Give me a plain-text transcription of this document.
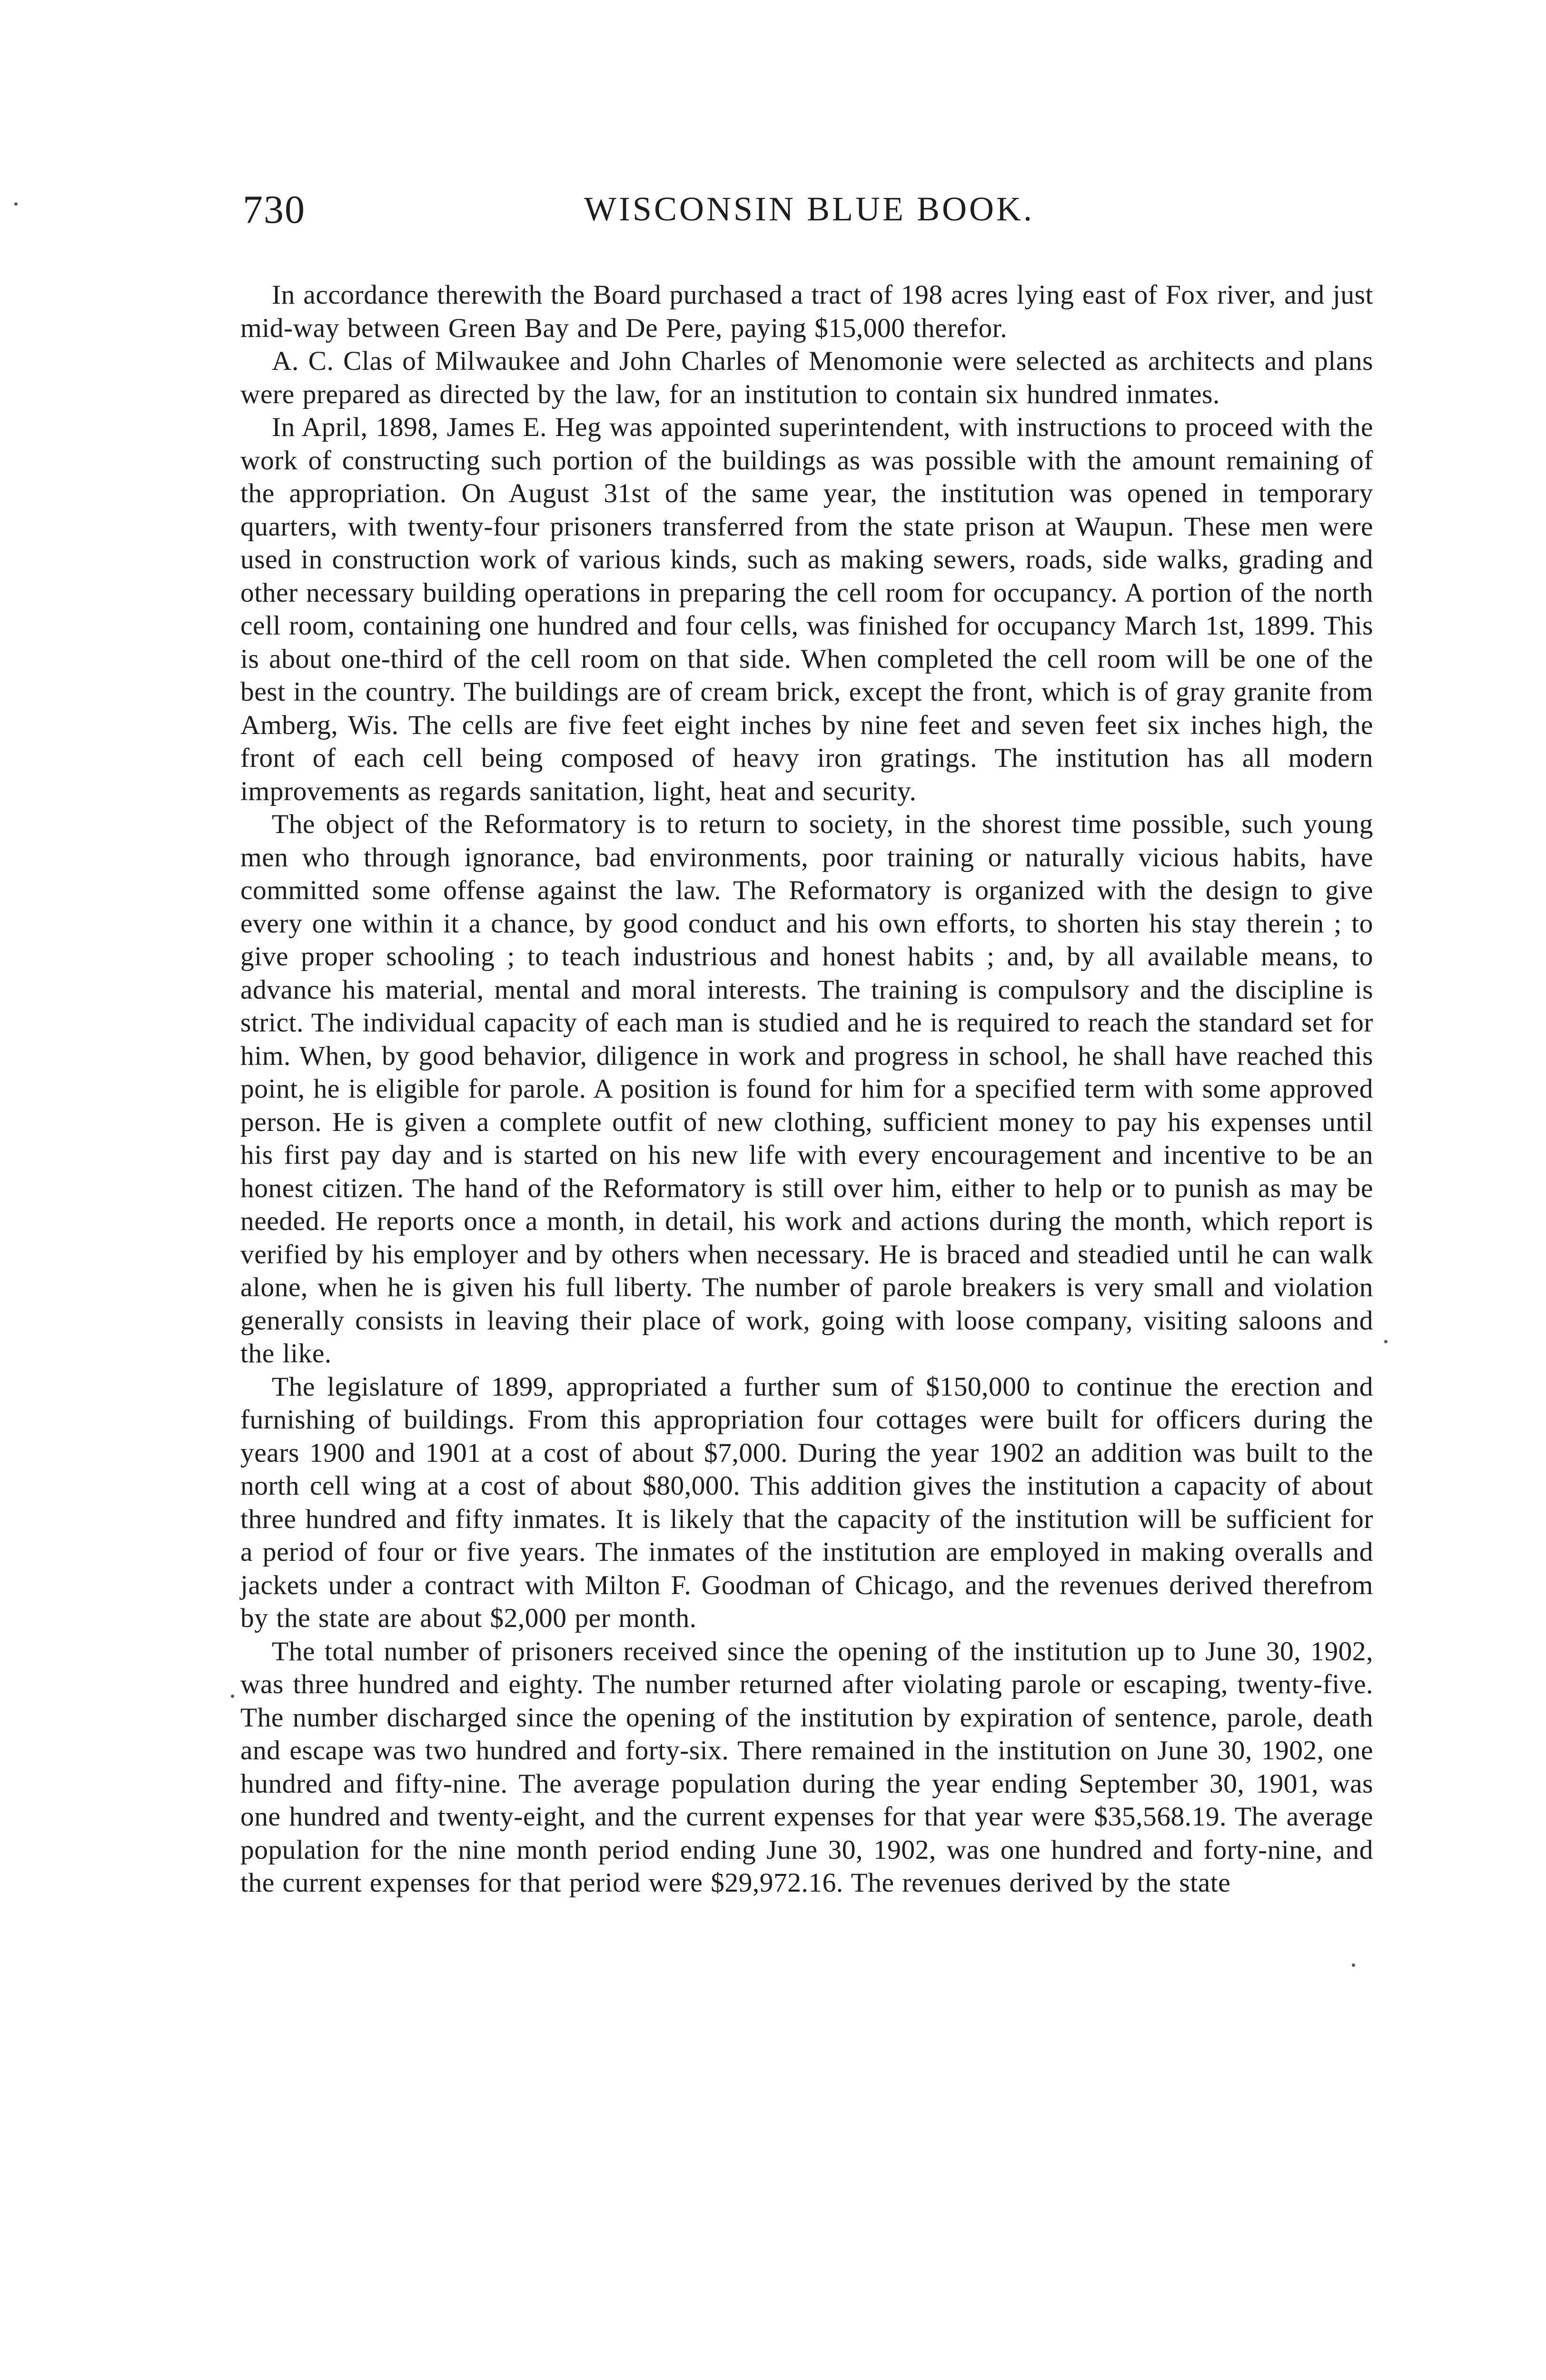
730	WISCONSIN BLUE BOOK.

In accordance therewith the Board purchased a tract of 198 acres lying east of Fox river, and just mid-way between Green Bay and De Pere, paying $15,000 therefor.

A. C. Clas of Milwaukee and John Charles of Menomonie were selected as architects and plans were prepared as directed by the law, for an institution to contain six hundred inmates.

In April, 1898, James E. Heg was appointed superintendent, with instructions to proceed with the work of constructing such portion of the buildings as was possible with the amount remaining of the appropriation. On August 31st of the same year, the institution was opened in temporary quarters, with twenty-four prisoners transferred from the state prison at Waupun. These men were used in construction work of various kinds, such as making sewers, roads, side walks, grading and other necessary building operations in preparing the cell room for occupancy. A portion of the north cell room, containing one hundred and four cells, was finished for occupancy March 1st, 1899. This is about one-third of the cell room on that side. When completed the cell room will be one of the best in the country. The buildings are of cream brick, except the front, which is of gray granite from Amberg, Wis. The cells are five feet eight inches by nine feet and seven feet six inches high, the front of each cell being composed of heavy iron gratings. The institution has all modern improvements as regards sanitation, light, heat and security.

The object of the Reformatory is to return to society, in the shorest time possible, such young men who through ignorance, bad environments, poor training or naturally vicious habits, have committed some offense against the law. The Reformatory is organized with the design to give every one within it a chance, by good conduct and his own efforts, to shorten his stay therein ; to give proper schooling ; to teach industrious and honest habits ; and, by all available means, to advance his material, mental and moral interests. The training is compulsory and the discipline is strict. The individual capacity of each man is studied and he is required to reach the standard set for him. When, by good behavior, diligence in work and progress in school, he shall have reached this point, he is eligible for parole. A position is found for him for a specified term with some approved person. He is given a complete outfit of new clothing, sufficient money to pay his expenses until his first pay day and is started on his new life with every encouragement and incentive to be an honest citizen. The hand of the Reformatory is still over him, either to help or to punish as may be needed. He reports once a month, in detail, his work and actions during the month, which report is verified by his employer and by others when necessary. He is braced and steadied until he can walk alone, when he is given his full liberty. The number of parole breakers is very small and violation generally consists in leaving their place of work, going with loose company, visiting saloons and the like.

The legislature of 1899, appropriated a further sum of $150,000 to continue the erection and furnishing of buildings. From this appropriation four cottages were built for officers during the years 1900 and 1901 at a cost of about $7,000. During the year 1902 an addition was built to the north cell wing at a cost of about $80,000. This addition gives the institution a capacity of about three hundred and fifty inmates. It is likely that the capacity of the institution will be sufficient for a period of four or five years. The inmates of the institution are employed in making overalls and jackets under a contract with Milton F. Goodman of Chicago, and the revenues derived therefrom by the state are about $2,000 per month.

The total number of prisoners received since the opening of the institution up to June 30, 1902, was three hundred and eighty. The number returned after violating parole or escaping, twenty-five. The number discharged since the opening of the institution by expiration of sentence, parole, death and escape was two hundred and forty-six. There remained in the institution on June 30, 1902, one hundred and fifty-nine. The average population during the year ending September 30, 1901, was one hundred and twenty-eight, and the current expenses for that year were $35,568.19. The average population for the nine month period ending June 30, 1902, was one hundred and forty-nine, and the current expenses for that period were $29,972.16. The revenues derived by the state
